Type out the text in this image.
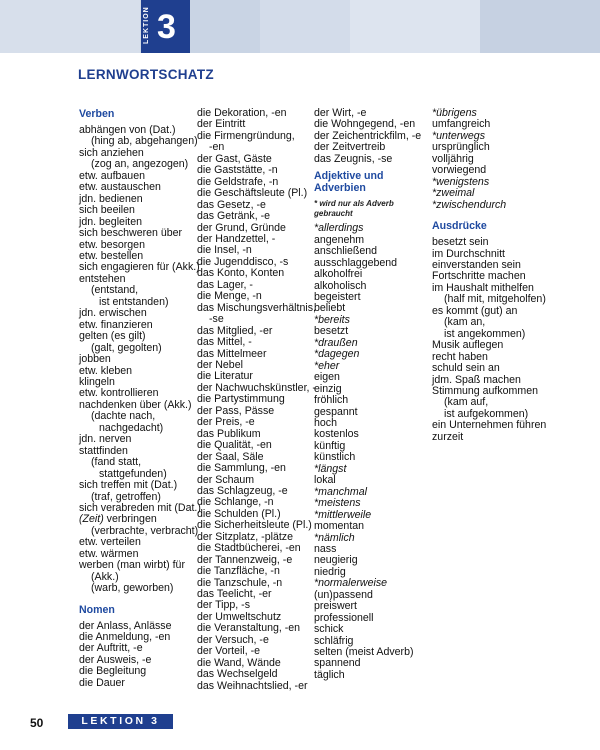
LEKTION 3
LERNWORTSCHATZ
Verben
abhängen von (Dat.)
(hing ab, abgehangen)
sich anziehen
(zog an, angezogen)
etw. aufbauen
etw. austauschen
jdn. bedienen
sich beeilen
jdn. begleiten
sich beschweren über
etw. besorgen
etw. bestellen
sich engagieren für (Akk.)
entstehen
(entstand,
ist entstanden)
jdn. erwischen
etw. finanzieren
gelten (es gilt)
(galt, gegolten)
jobben
etw. kleben
klingeln
etw. kontrollieren
nachdenken über (Akk.)
(dachte nach,
nachgedacht)
jdn. nerven
stattfinden
(fand statt,
stattgefunden)
sich treffen mit (Dat.)
(traf, getroffen)
sich verabreden mit (Dat.)
(Zeit) verbringen
(verbrachte, verbracht)
etw. verteilen
etw. wärmen
werben (man wirbt) für
(Akk.)
(warb, geworben)
Nomen
der Anlass, Anlässe
die Anmeldung, -en
der Auftritt, -e
der Ausweis, -e
die Begleitung
die Dauer
die Dekoration, -en
der Eintritt
die Firmengründung,
-en
der Gast, Gäste
die Gaststätte, -n
die Geldstrafe, -n
die Geschäftsleute (Pl.)
das Gesetz, -e
das Getränk, -e
der Grund, Gründe
der Handzettel, -
die Insel, -n
die Jugenddisco, -s
das Konto, Konten
das Lager, -
die Menge, -n
das Mischungsverhältnis,
-se
das Mitglied, -er
das Mittel, -
das Mittelmeer
der Nebel
die Literatur
der Nachwuchskünstler, -
die Partystimmung
der Pass, Pässe
der Preis, -e
das Publikum
die Qualität, -en
der Saal, Säle
die Sammlung, -en
der Schaum
das Schlagzeug, -e
die Schlange, -n
die Schulden (Pl.)
die Sicherheitsleute (Pl.)
der Sitzplatz, -plätze
die Stadtbücherei, -en
der Tannenzweig, -e
die Tanzfläche, -n
die Tanzschule, -n
das Teelicht, -er
der Tipp, -s
der Umweltschutz
die Veranstaltung, -en
der Versuch, -e
der Vorteil, -e
die Wand, Wände
das Wechselgeld
das Weihnachtslied, -er
der Wirt, -e
die Wohngegend, -en
der Zeichentrickfilm, -e
der Zeitvertreib
das Zeugnis, -se
Adjektive und
Adverbien
* wird nur als Adverb
gebraucht
*allerdings
angenehm
anschließend
ausschlaggebend
alkoholfrei
alkoholisch
begeistert
beliebt
*bereits
besetzt
*draußen
*dagegen
*eher
eigen
einzig
fröhlich
gespannt
hoch
kostenlos
künftig
künstlich
*längst
lokal
*manchmal
*meistens
*mittlerweile
momentan
*nämlich
nass
neugierig
niedrig
*normalerweise
(un)passend
preiswert
professionell
schick
schläfrig
selten (meist Adverb)
spannend
täglich
*übrigens
umfangreich
*unterwegs
ursprünglich
volljährig
vorwiegend
*wenigstens
*zweimal
*zwischendurch
Ausdrücke
besetzt sein
im Durchschnitt
einverstanden sein
Fortschritte machen
im Haushalt mithelfen
(half mit, mitgeholfen)
es kommt (gut) an
(kam an,
ist angekommen)
Musik auflegen
recht haben
schuld sein an
jdm. Spaß machen
Stimmung aufkommen
(kam auf,
ist aufgekommen)
ein Unternehmen führen
zurzeit
50	LEKTION 3
